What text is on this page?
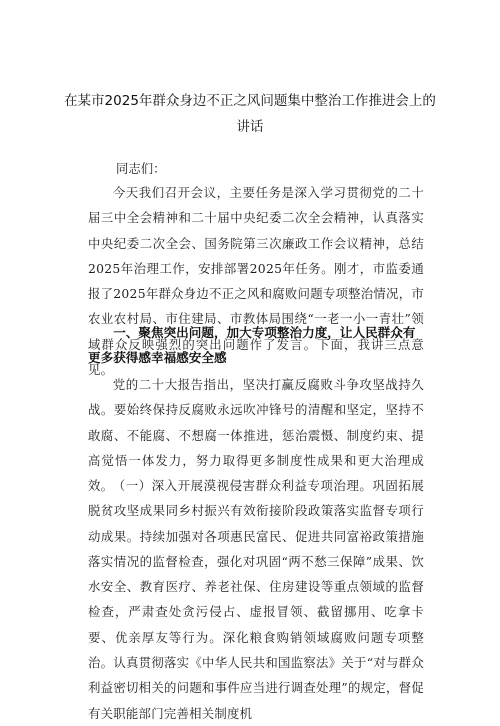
在某市2025年群众身边不正之风问题集中整治工作推进会上的讲话
同志们：

今天我们召开会议，主要任务是深入学习贯彻党的二十届三中全会精神和二十届中央纪委二次全会精神，认真落实中央纪委二次全会、国务院第三次廉政工作会议精神，总结2025年治理工作，安排部署2025年任务。刚才，市监委通报了2025年群众身边不正之风和腐败问题专项整治情况，市农业农村局、市住建局、市教体局围绕“一老一小一青壮”领域群众反映强烈的突出问题作了发言。下面，我讲三点意见。

一、聚焦突出问题，加大专项整治力度，让人民群众有更多获得感幸福感安全感

党的二十大报告指出，坚决打赢反腐败斗争攻坚战持久战。要始终保持反腐败永远吹冲锋号的清醒和坚定，坚持不敢腐、不能腐、不想腐一体推进，惩治震慑、制度约束、提高觉悟一体发力，努力取得更多制度性成果和更大治理成效。 （一）深入开展漠视侵害群众利益专项治理。巩固拓展脱贫攻坚成果同乡村振兴有效衔接阶段政策落实监督专项行动成果。持续加强对各项惠民富民、促进共同富裕政策措施落实情况的监督检查，强化对巩固“两不愁三保障”成果、饮水安全、教育医疗、养老社保、住房建设等重点领域的监督检查，严肃查处贪污侵占、虚报冒领、截留挪用、吃拿卡要、优亲厚友等行为。深化粮食购销领域腐败问题专项整治。认真贯彻落实《中华人民共和国监察法》关于“对与群众利益密切相关的问题和事件应当进行调查处理”的规定，督促有关职能部门完善相关制度机
